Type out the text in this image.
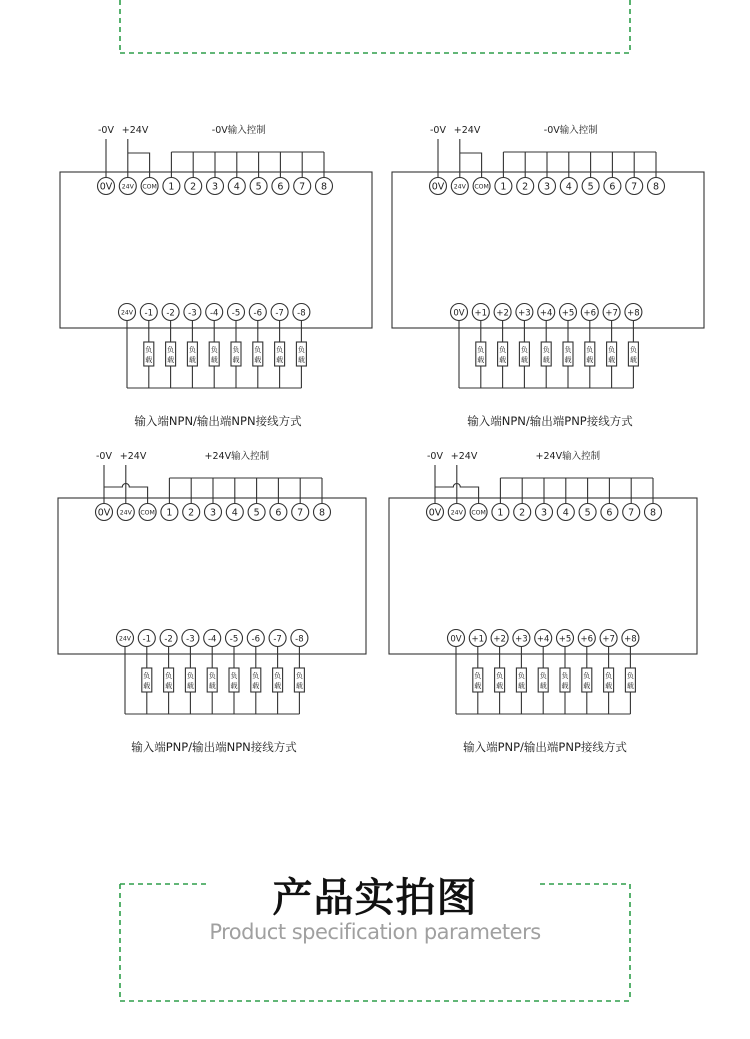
0V 24V COM 1 2 3 4 5 6 7 8
-0V +24V	-0V输入控制
24V -1 -2 -3 -4 -5 -6 -7 -8
负
载
负
载
负
载
负
载
负
载
负
载
负
载
负
载
输入端NPN/输出端NPN接线方式
0V 24V COM 1 2 3 4 5 6 7 8
-0V +24V	-0V输入控制
0V +1 +2 +3 +4 +5 +6 +7 +8
负
载
负
载
负
载
负
载
负
载
负
载
负
载
负
载
输入端NPN/输出端PNP接线方式
0V 24V COM 1 2 3 4 5 6 7 8
-0V +24V	+24V输入控制
24V -1 -2 -3 -4 -5 -6 -7 -8
负
载
负
载
负
载
负
载
负
载
负
载
负
载
负
载
输入端PNP/输出端NPN接线方式
0V 24V COM 1 2 3 4 5 6 7 8
-0V +24V	+24V输入控制
0V +1 +2 +3 +4 +5 +6 +7 +8
负
载
负
载
负
载
负
载
负
载
负
载
负
载
负
载
输入端PNP/输出端PNP接线方式
产品实拍图
Product specification parameters
